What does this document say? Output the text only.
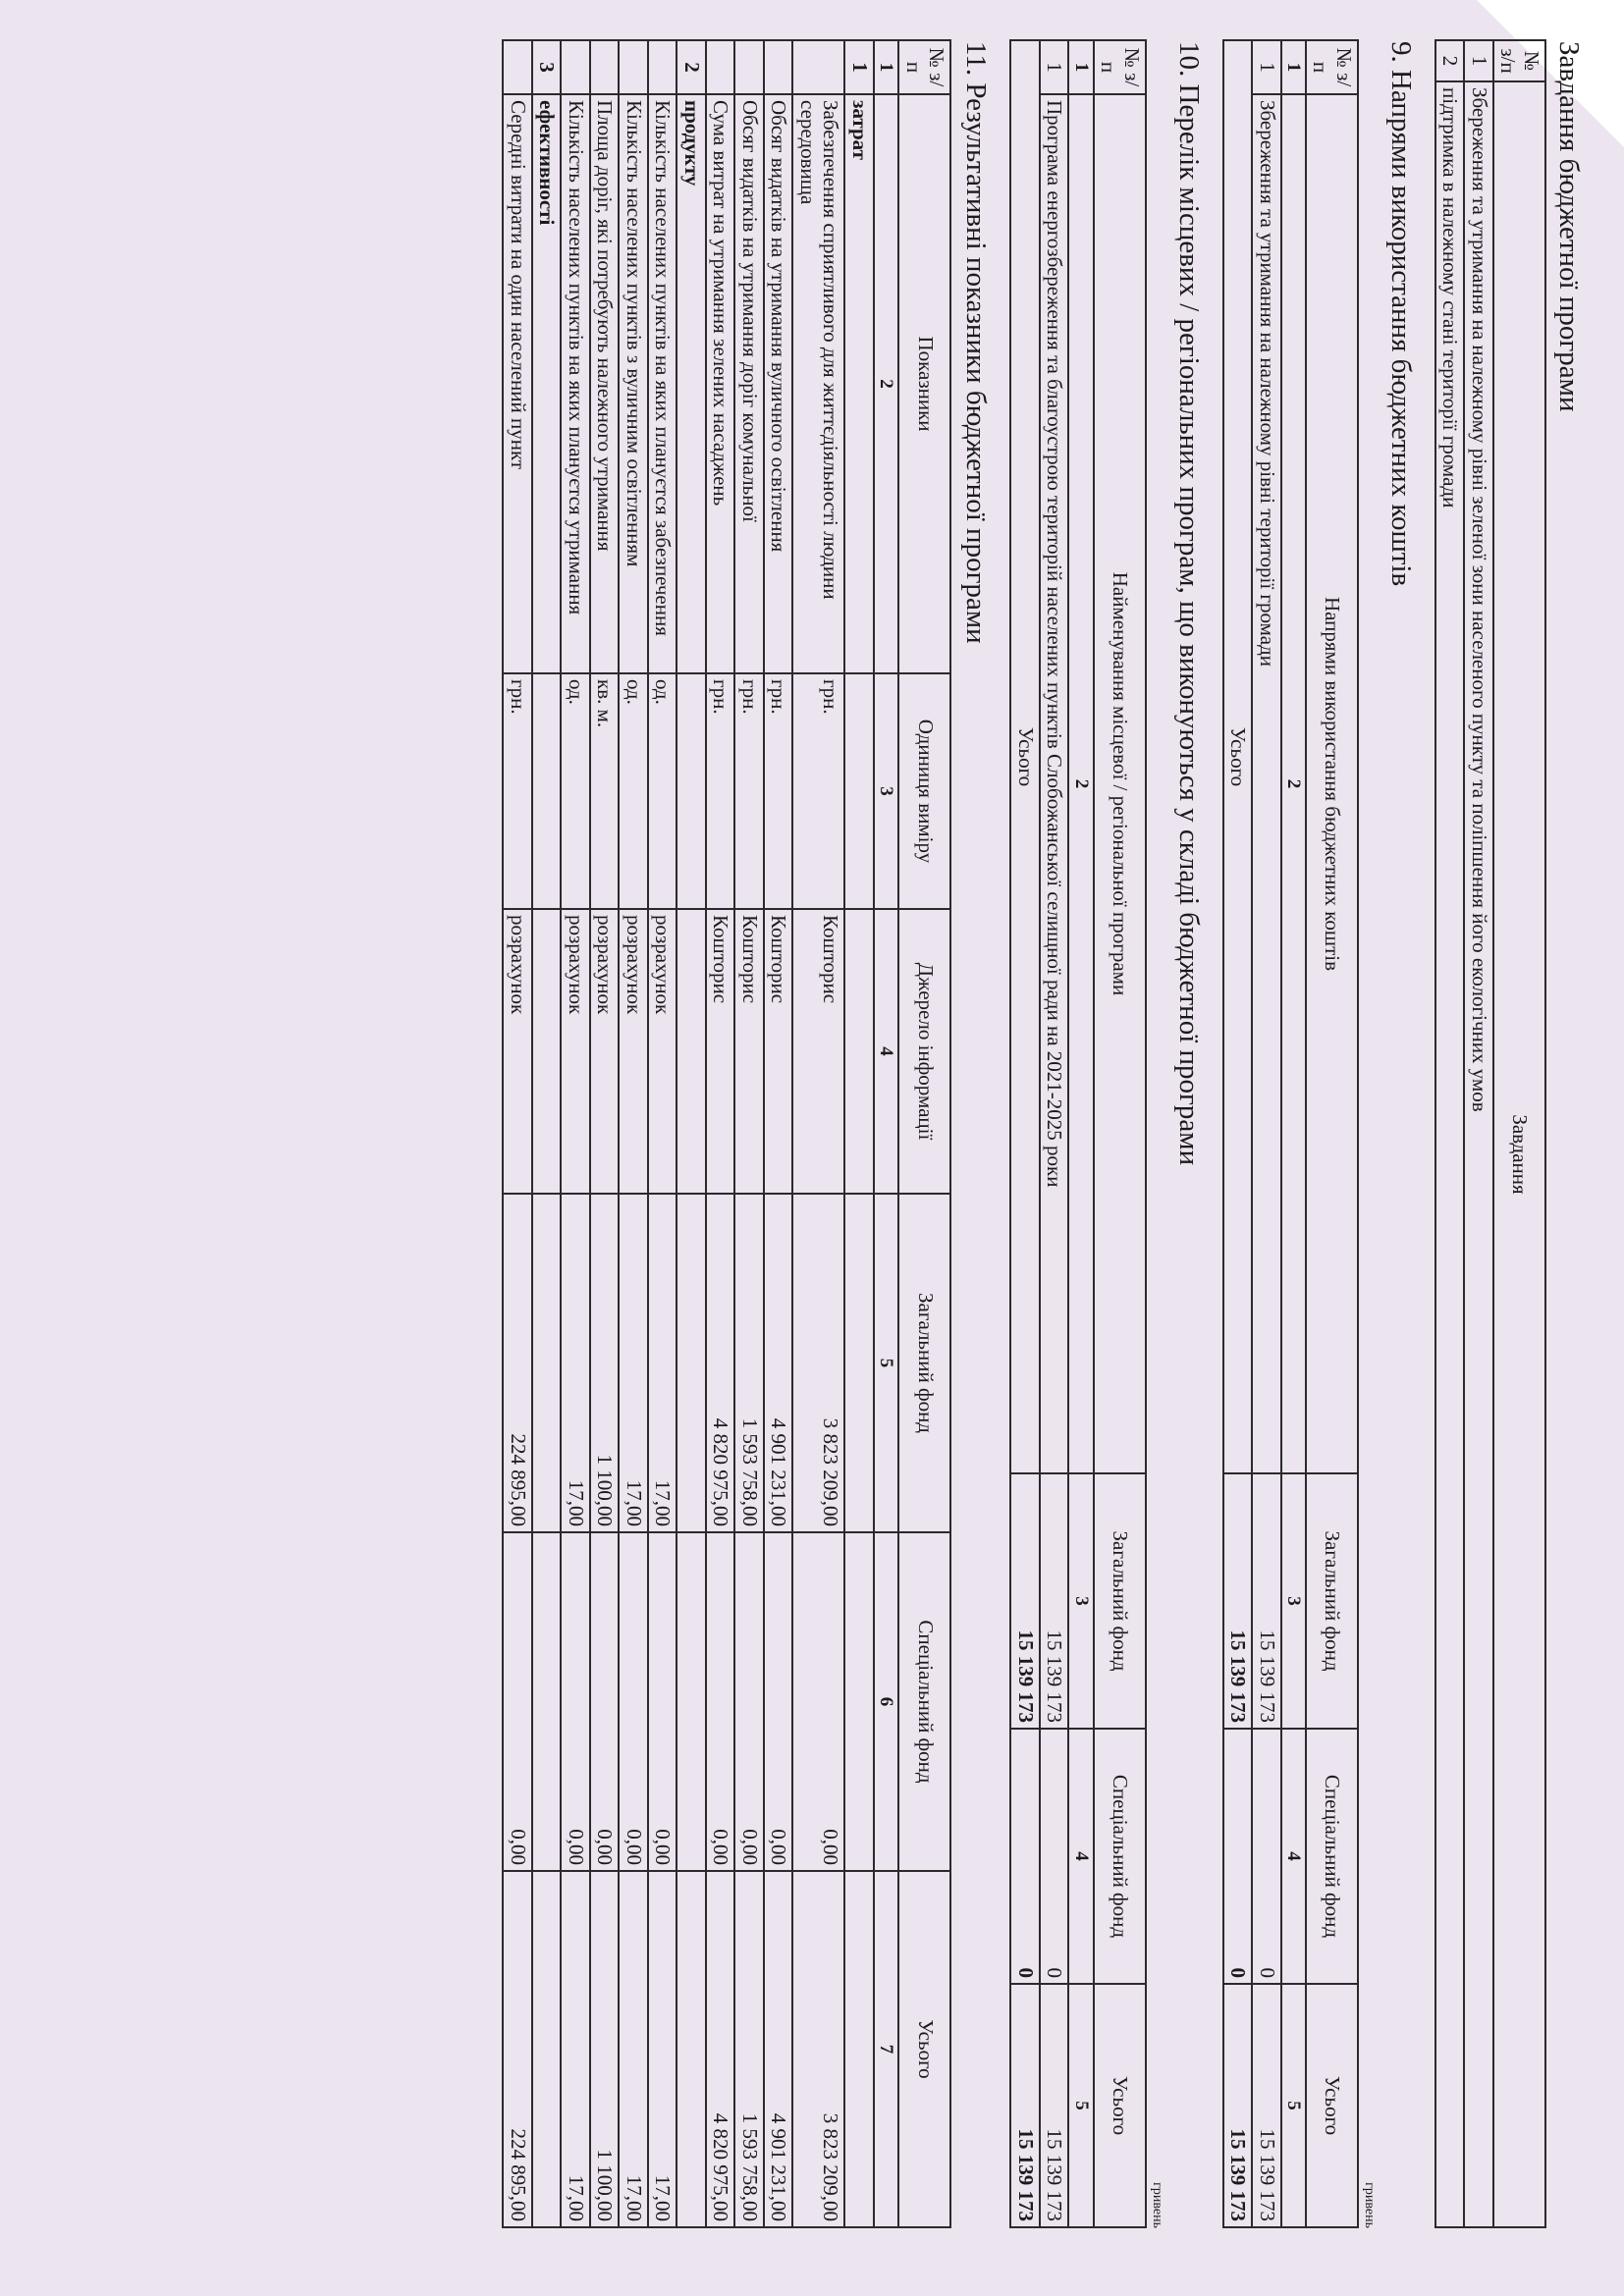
Завдання бюджетної програми
№ з/п	Завдання
1	Збереження та утримання на належному рівні зеленої зони населеного пункту та поліпшення його екологічних умов
2	підтримка в належному стані території громади
9. Напрями використання бюджетних коштів
гривень
№ з/п	Напрями використання бюджетних коштів	Загальний фонд	Спеціальний фонд	Усього
1	2	3	4	5
1	Збереження та утримання на належному рівні території громади	15 139 173	0	15 139 173
Усього		15 139 173	0	15 139 173
10. Перелік місцевих / регіональних програм, що виконуються у складі бюджетної програми
гривень
№ з/п	Найменування місцевої / регіональної програми	Загальний фонд	Спеціальний фонд	Усього
1	2	3	4	5
1	Програма енергозбереження та благоустрою територій населених пунктів Слобожанської селищної ради на 2021-2025 роки	15 139 173	0	15 139 173
Усього		15 139 173	0	15 139 173
11. Результативні показники бюджетної програми
№ з/п	Показники	Одиниця виміру	Джерело інформації	Загальний фонд	Спеціальний фонд	Усього
1	2	3	4	5	6	7
1	затрат					
	Забезпечення сприятливого для життєдіяльності людини середовища	грн.	Кошторис	3 823 209,00	0,00	3 823 209,00
	Обсяг видатків на утримання вуличного освітлення	грн.	Кошторис	4 901 231,00	0,00	4 901 231,00
	Обсяг видатків на утримання доріг комунальної	грн.	Кошторис	1 593 758,00	0,00	1 593 758,00
	Сума витрат на утримання зелених насаджень	грн.	Кошторис	4 820 975,00	0,00	4 820 975,00
2	продукту					
	Кількість населених пунктів на яких плануєтся забезпечення	од.	розрахунок	17,00	0,00	17,00
	Кількість населених пунктів з вуличним освітленням	од.	розрахунок	17,00	0,00	17,00
	Площа доріг, які потребують належного утримання	кв. м.	розрахунок	1 100,00	0,00	1 100,00
	Кількість населених пунктів на яких плануєтся утримання	од.	розрахунок	17,00	0,00	17,00
3	ефективності					
	Середні витрати на один населений пункт	грн.	розрахунок	224 895,00	0,00	224 895,00
